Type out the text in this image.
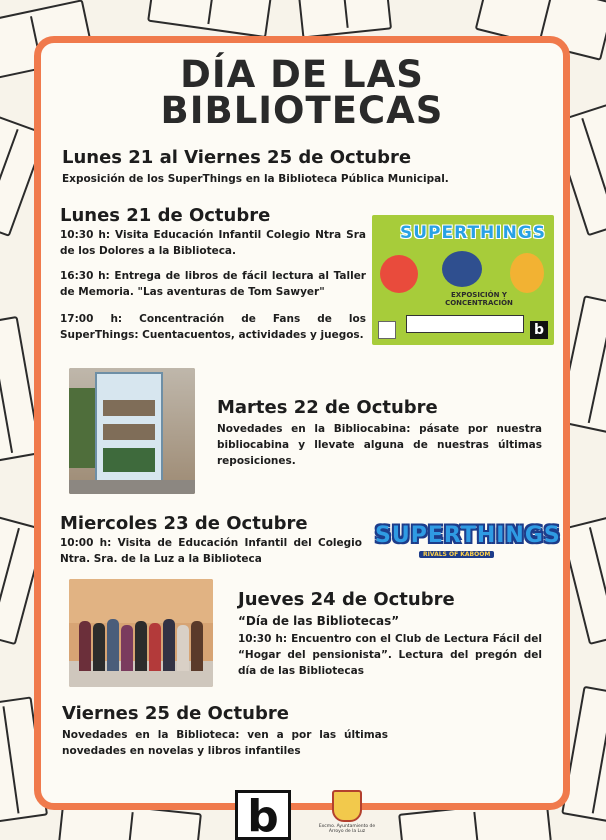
DÍA DE LAS
BIBLIOTECAS
Lunes 21 al Viernes 25 de Octubre
Exposición de los SuperThings en la Biblioteca Pública Municipal.
Lunes 21 de Octubre
10:30 h: Visita Educación Infantil Colegio Ntra Sra de los Dolores a la Biblioteca.
16:30 h: Entrega de libros de fácil lectura al Taller de Memoria. "Las aventuras de Tom Sawyer"
17:00 h: Concentración de Fans de los SuperThings: Cuentacuentos, actividades y juegos.
SUPERTHINGS
EXPOSICIÓN Y CONCENTRACIÓN
b
Martes 22 de Octubre
Novedades en la Bibliocabina: pásate por nuestra bibliocabina y llevate alguna de nuestras últimas reposiciones.
Miercoles 23 de Octubre
10:00 h: Visita de Educación Infantil del Colegio Ntra. Sra. de la Luz a la Biblioteca
SUPERTHINGS
RIVALS OF KABOOM
Jueves 24 de Octubre
“Día de las Bibliotecas”
10:30 h: Encuentro con el Club de Lectura Fácil del “Hogar del pensionista”. Lectura del pregón del día de las Bibliotecas
Viernes 25 de Octubre
Novedades en la Biblioteca: ven a por las últimas novedades en novelas y libros infantiles
b	Excmo. Ayuntamiento de Arroyo de la Luz
